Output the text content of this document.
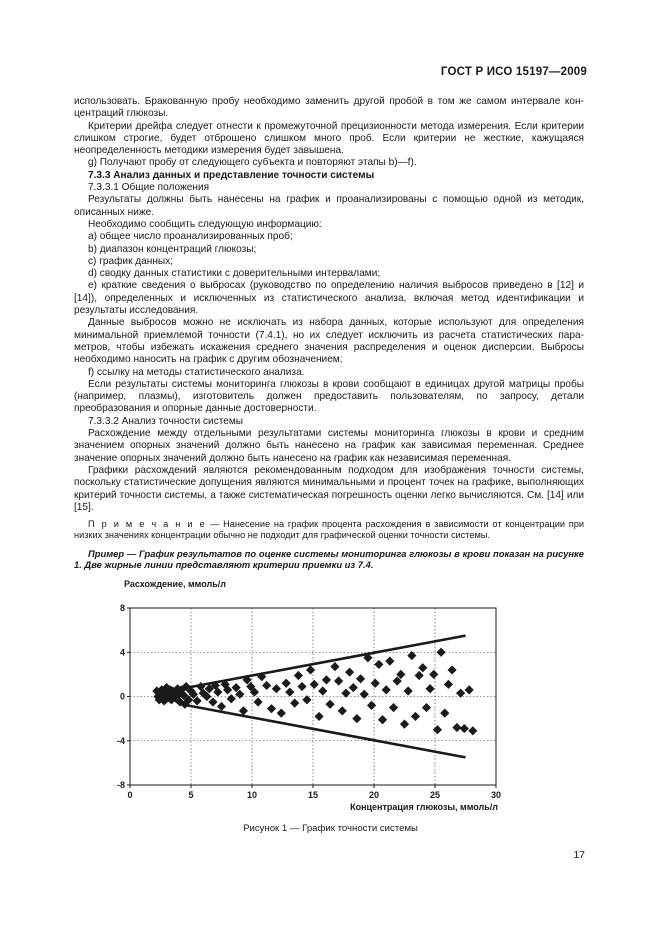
ГОСТ Р ИСО 15197—2009

использовать. Бракованную пробу необходимо заменить другой пробой в том же самом интервале концентраций глюкозы.

Критерии дрейфа следует отнести к промежуточной прецизионности метода измерения. Если критерии слишком строгие, будет отброшено слишком много проб. Если критерии не жесткие, кажущаяся неопределенность методики измерения будет завышена.

g) Получают пробу от следующего субъекта и повторяют этапы b)—f).

7.3.3 Анализ данных и представление точности системы

7.3.3.1 Общие положения

Результаты должны быть нанесены на график и проанализированы с помощью одной из методик, описанных ниже.

Необходимо сообщить следующую информацию:

a) общее число проанализированных проб;

b) диапазон концентраций глюкозы;

c) график данных;

d) сводку данных статистики с доверительными интервалами;

e) краткие сведения о выбросах (руководство по определению наличия выбросов приведено в [12] и [14]), определенных и исключенных из статистического анализа, включая метод идентификации и результаты исследования.

Данные выбросов можно не исключать из набора данных, которые используют для определения минимальной приемлемой точности (7.4.1), но их следует исключить из расчета статистических параметров, чтобы избежать искажения среднего значения распределения и оценок дисперсии. Выбросы необходимо наносить на график с другим обозначением;

f) ссылку на методы статистического анализа.

Если результаты системы мониторинга глюкозы в крови сообщают в единицах другой матрицы пробы (например, плазмы), изготовитель должен предоставить пользователям, по запросу, детали преобразования и опорные данные достоверности.

7.3.3.2 Анализ точности системы

Расхождение между отдельными результатами системы мониторинга глюкозы в крови и средним значением опорных значений должно быть нанесено на график как зависимая переменная. Среднее значение опорных значений должно быть нанесено на график как независимая переменная.

Графики расхождений являются рекомендованным подходом для изображения точности системы, поскольку статистические допущения являются минимальными и процент точек на графике, выполняющих критерий точности системы, а также систематическая погрешность оценки легко вычисляются. См. [14] или [15].

П р и м е ч а н и е — Нанесение на график процента расхождения в зависимости от концентрации при низких значениях концентрации обычно не подходит для графической оценки точности системы.

Пример — График результатов по оценке системы мониторинга глюкозы в крови показан на рисунке 1. Две жирные линии представляют критерии приемки из 7.4.

Расхождение, ммоль/л
0	5	10	15	20	25	30
8
4
0
-4
-8
Концентрация глюкозы, ммоль/л
Рисунок 1 — График точности системы
17
